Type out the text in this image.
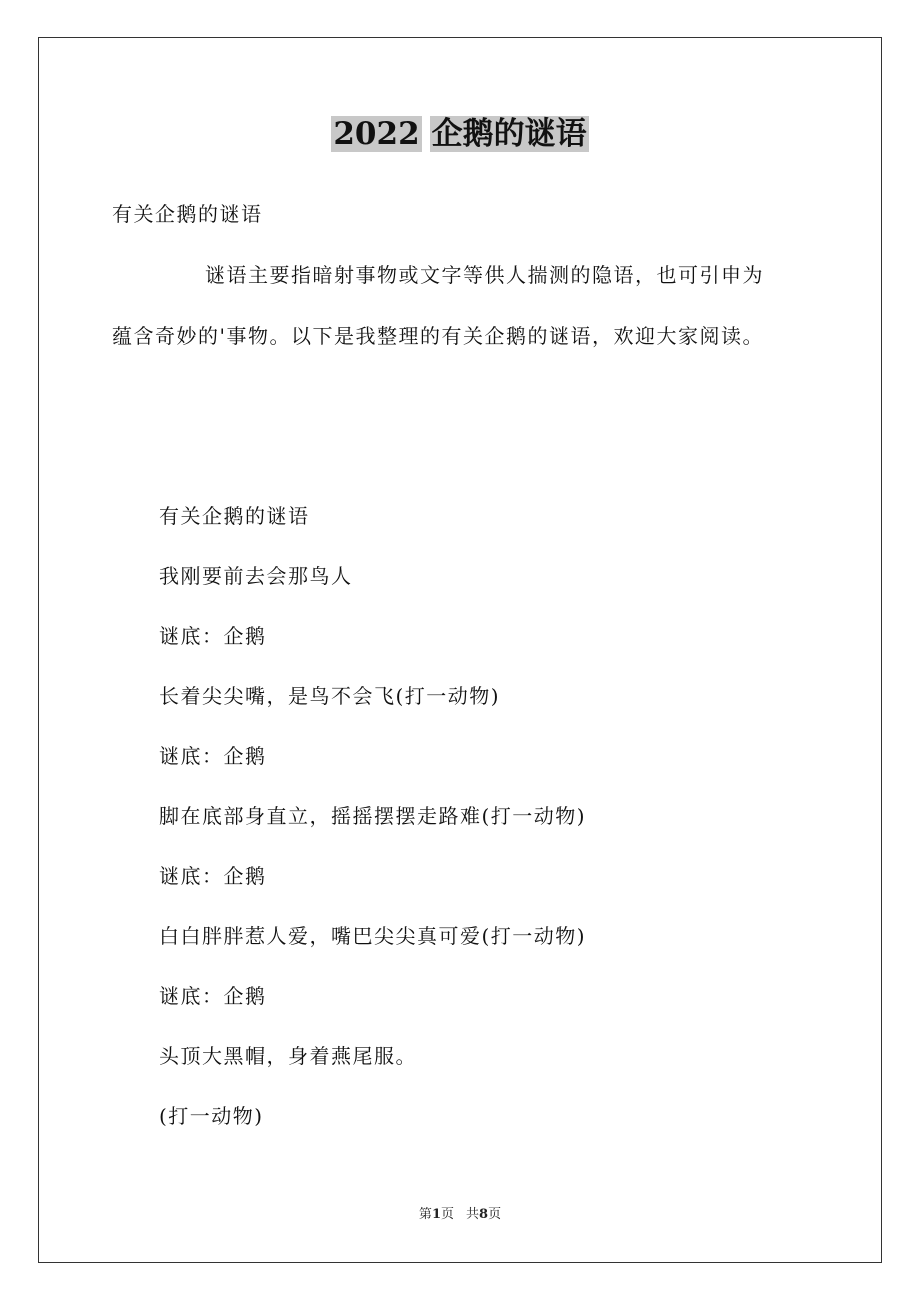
2022 企鹅的谜语
有关企鹅的谜语
谜语主要指暗射事物或文字等供人揣测的隐语，也可引申为
蕴含奇妙的'事物。以下是我整理的有关企鹅的谜语，欢迎大家阅读。
有关企鹅的谜语
我刚要前去会那鸟人
谜底：企鹅
长着尖尖嘴，是鸟不会飞(打一动物)
谜底：企鹅
脚在底部身直立，摇摇摆摆走路难(打一动物)
谜底：企鹅
白白胖胖惹人爱，嘴巴尖尖真可爱(打一动物)
谜底：企鹅
头顶大黑帽，身着燕尾服。
(打一动物)
第1页 共8页
